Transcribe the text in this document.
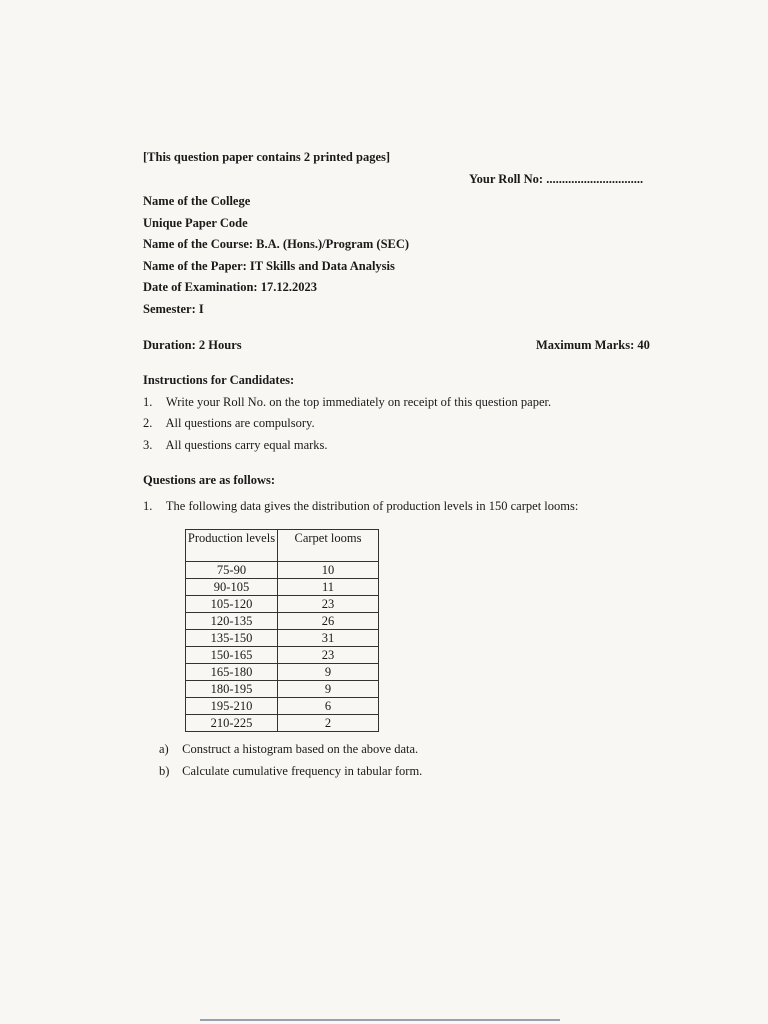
[This question paper contains 2 printed pages]
Your Roll No: ...............................
Name of the College
Unique Paper Code
Name of the Course: B.A. (Hons.)/Program (SEC)
Name of the Paper: IT Skills and Data Analysis
Date of Examination: 17.12.2023
Semester: I
Duration: 2 Hours	Maximum Marks: 40
Instructions for Candidates:
1. Write your Roll No. on the top immediately on receipt of this question paper.
2. All questions are compulsory.
3. All questions carry equal marks.
Questions are as follows:
1. The following data gives the distribution of production levels in 150 carpet looms:
Production levels	Carpet looms
75-90	10
90-105	11
105-120	23
120-135	26
135-150	31
150-165	23
165-180	9
180-195	9
195-210	6
210-225	2
a) Construct a histogram based on the above data.
b) Calculate cumulative frequency in tabular form.
